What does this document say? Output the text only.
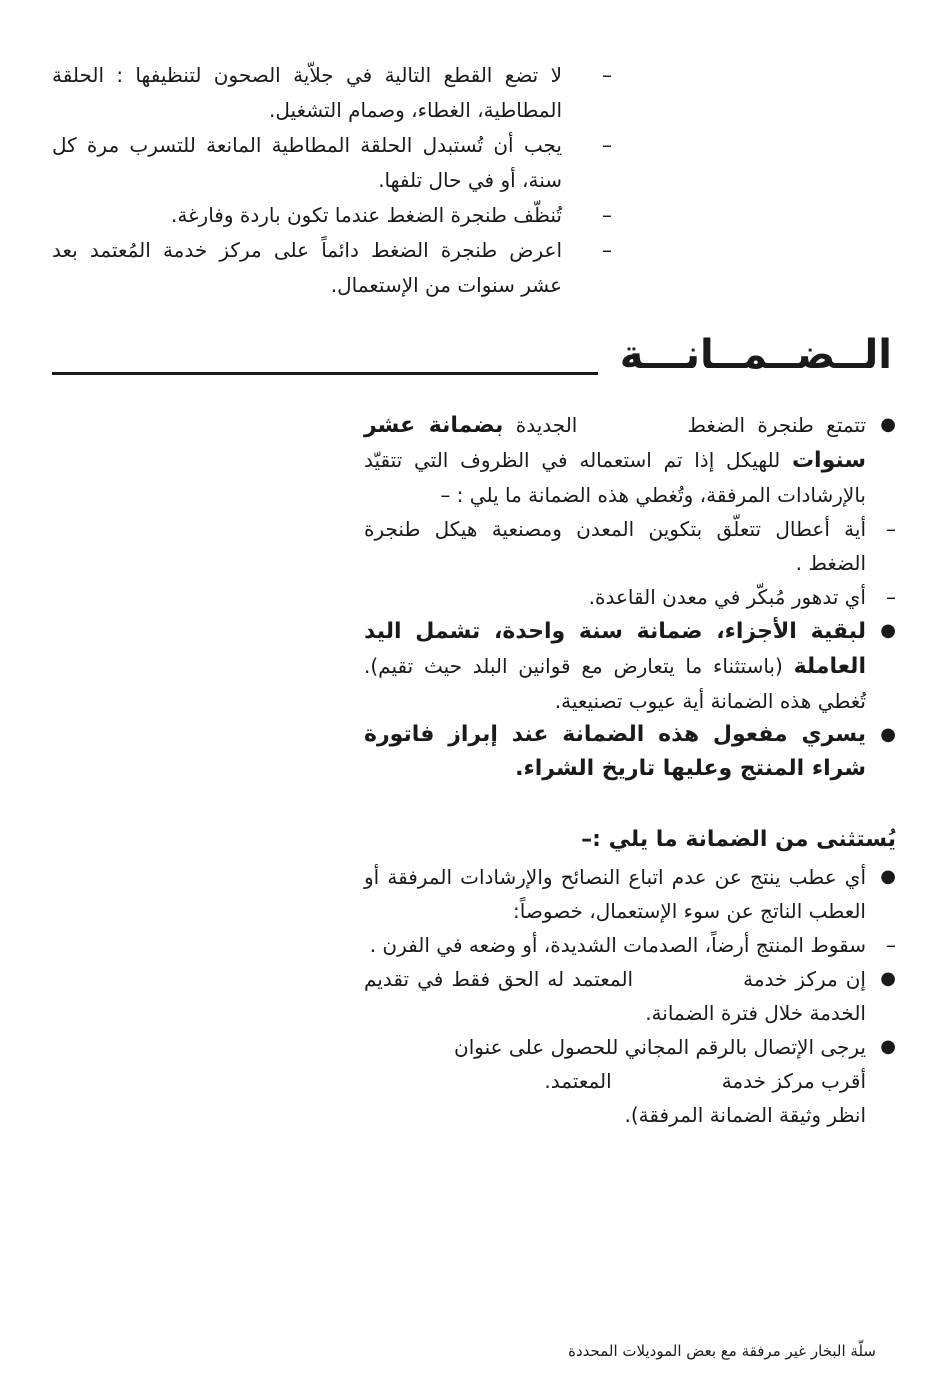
–
لا تضع القطع التالية في جلاّية الصحون لتنظيفها : الحلقة المطاطية، الغطاء، وصمام التشغيل.
–
يجب أن تُستبدل الحلقة المطاطية المانعة للتسرب مرة كل سنة، أو في حال تلفها.
–
تُنظّف طنجرة الضغط عندما تكون باردة وفارغة.
–
اعرض طنجرة الضغط دائماً على مركز خدمة المُعتمد بعد عشر سنوات من الإستعمال.
الــضــمــانـــة
●
تتمتع طنجرة الضغطالجديدة بضمانة عشر سنوات للهيكل إذا تم استعماله في الظروف التي تتقيّد بالإرشادات المرفقة، وتُغطي هذه الضمانة ما يلي : –
–
أية أعطال تتعلّق بتكوين المعدن ومصنعية هيكل طنجرة الضغط .
–
أي تدهور مُبكّر في معدن القاعدة.
●
لبقية الأجزاء، ضمانة سنة واحدة، تشمل اليد العاملة (باستثناء ما يتعارض مع قوانين البلد حيث تقيم). تُغطي هذه الضمانة أية عيوب تصنيعية.
●
يسري مفعول هذه الضمانة عند إبراز فاتورة شراء المنتج وعليها تاريخ الشراء.
يُستثنى من الضمانة ما يلي :–
●
أي عطب ينتج عن عدم اتباع النصائح والإرشادات المرفقة أو العطب الناتج عن سوء الإستعمال، خصوصاً:
–
سقوط المنتج أرضاً، الصدمات الشديدة، أو وضعه في الفرن .
●
إن مركز خدمةالمعتمد له الحق فقط في تقديم الخدمة خلال فترة الضمانة.
●
يرجى الإتصال بالرقم المجاني للحصول على عنوان
أقرب مركز خدمةالمعتمد.
انظر وثيقة الضمانة المرفقة).
سلّة البخار غير مرفقة مع بعض الموديلات المحددة
